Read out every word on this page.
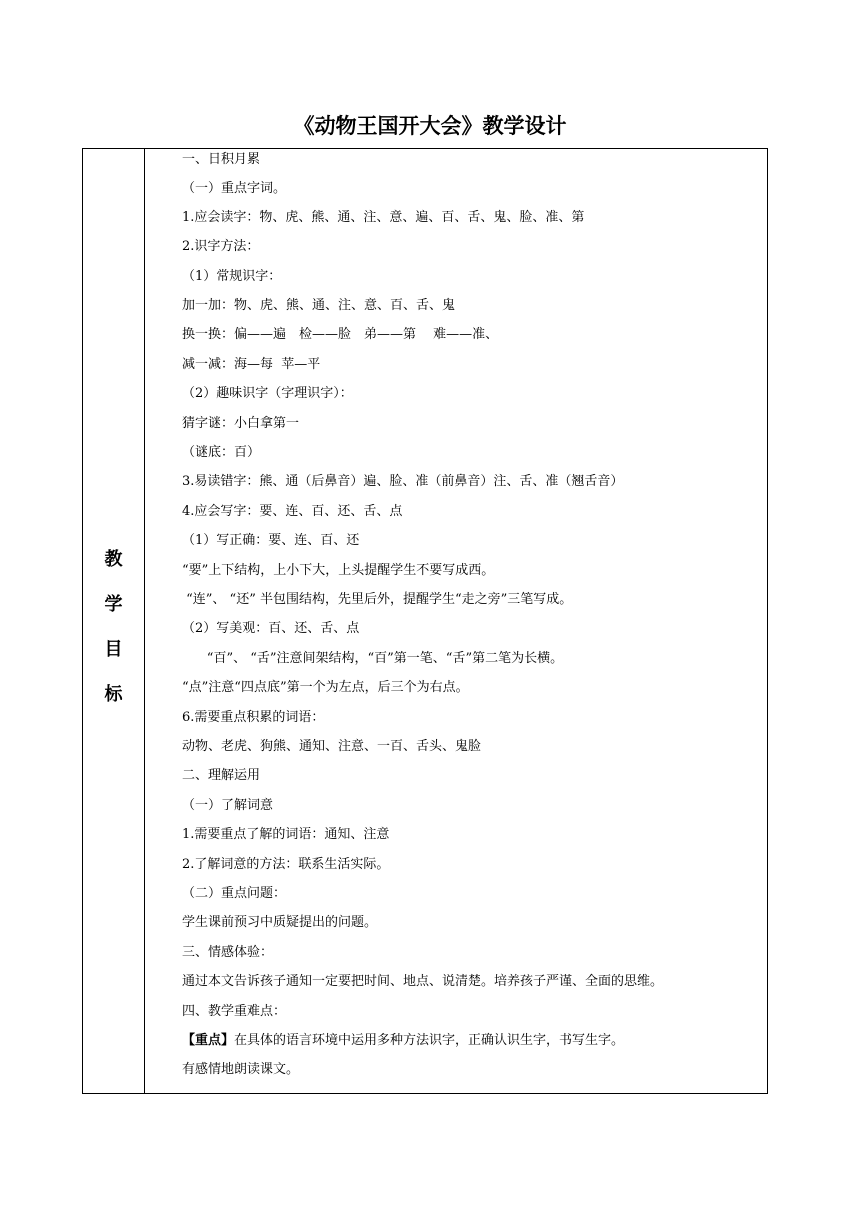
《动物王国开大会》教学设计
教
学
目
标
一、日积月累
（一）重点字词。
1.应会读字：物、虎、熊、通、注、意、遍、百、舌、鬼、脸、准、第
2.识字方法：
（1）常规识字：
加一加：物、虎、熊、通、注、意、百、舌、鬼
换一换：偏——遍　检——脸　弟——第　 难——准、
减一减：海—每  苹—平
（2）趣味识字（字理识字）：
猜字谜：小白拿第一
（谜底：百）
3.易读错字：熊、通（后鼻音）遍、脸、准（前鼻音）注、舌、准（翘舌音）
4.应会写字：要、连、百、还、舌、点
（1）写正确：要、连、百、还
“要”上下结构，上小下大，上头提醒学生不要写成西。
“连”、 “还” 半包围结构，先里后外，提醒学生“走之旁”三笔写成。
（2）写美观：百、还、舌、点
“百”、 “舌”注意间架结构，“百”第一笔、“舌”第二笔为长横。
“点”注意“四点底”第一个为左点，后三个为右点。
6.需要重点积累的词语：
动物、老虎、狗熊、通知、注意、一百、舌头、鬼脸
二、理解运用
（一）了解词意
1.需要重点了解的词语：通知、注意
2.了解词意的方法：联系生活实际。
（二）重点问题：
学生课前预习中质疑提出的问题。
三、情感体验：
通过本文告诉孩子通知一定要把时间、地点、说清楚。培养孩子严谨、全面的思维。
四、教学重难点：
【重点】在具体的语言环境中运用多种方法识字，正确认识生字，书写生字。
有感情地朗读课文。
